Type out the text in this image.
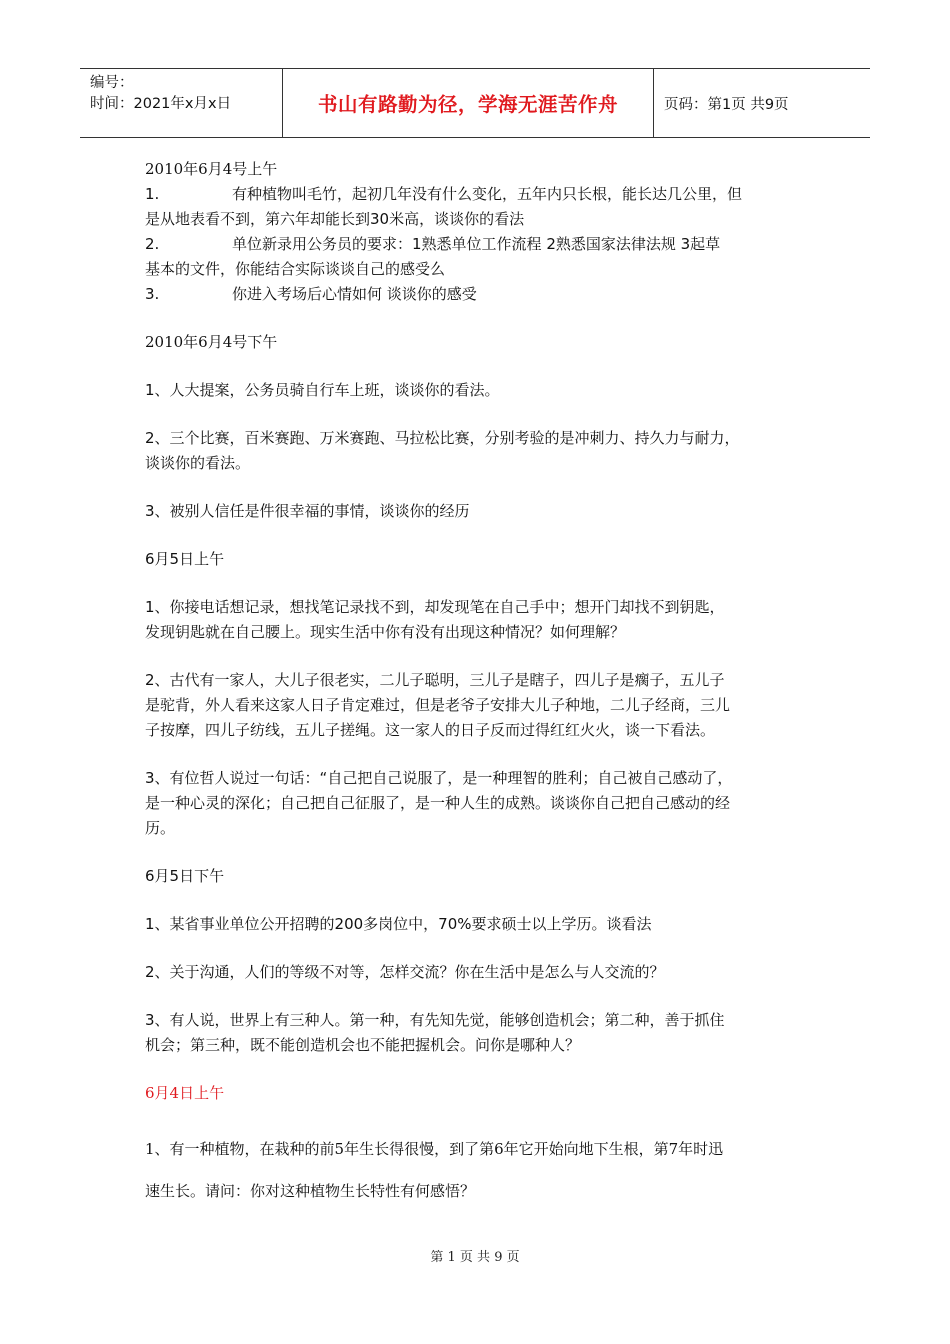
编号：
时间：2021年x月x日	书山有路勤为径，学海无涯苦作舟	页码：第1页 共9页

2010年6月4号上午

1.	有种植物叫毛竹，起初几年没有什么变化，五年内只长根，能长达几公里，但

是从地表看不到，第六年却能长到30米高，谈谈你的看法

2.	单位新录用公务员的要求：1熟悉单位工作流程 2熟悉国家法律法规 3起草

基本的文件，你能结合实际谈谈自己的感受么

3.	你进入考场后心情如何 谈谈你的感受

2010年6月4号下午

1、人大提案，公务员骑自行车上班，谈谈你的看法。

2、三个比赛，百米赛跑、万米赛跑、马拉松比赛，分别考验的是冲刺力、持久力与耐力，

谈谈你的看法。

3、被别人信任是件很幸福的事情，谈谈你的经历

6月5日上午

1、你接电话想记录，想找笔记录找不到，却发现笔在自己手中；想开门却找不到钥匙，

发现钥匙就在自己腰上。现实生活中你有没有出现这种情况？如何理解？

2、古代有一家人，大儿子很老实，二儿子聪明，三儿子是瞎子，四儿子是瘸子，五儿子

是驼背，外人看来这家人日子肯定难过，但是老爷子安排大儿子种地，二儿子经商，三儿

子按摩，四儿子纺线，五儿子搓绳。这一家人的日子反而过得红红火火，谈一下看法。

3、有位哲人说过一句话：“自己把自己说服了，是一种理智的胜利；自己被自己感动了，

是一种心灵的深化；自己把自己征服了，是一种人生的成熟。谈谈你自己把自己感动的经

历。

6月5日下午

1、某省事业单位公开招聘的200多岗位中，70%要求硕士以上学历。谈看法

2、关于沟通，人们的等级不对等，怎样交流？你在生活中是怎么与人交流的？

3、有人说，世界上有三种人。第一种，有先知先觉，能够创造机会；第二种，善于抓住

机会；第三种，既不能创造机会也不能把握机会。问你是哪种人？

6月4日上午

1、有一种植物，在栽种的前5年生长得很慢，到了第6年它开始向地下生根，第7年时迅

速生长。请问：你对这种植物生长特性有何感悟？

第 1 页 共 9 页
